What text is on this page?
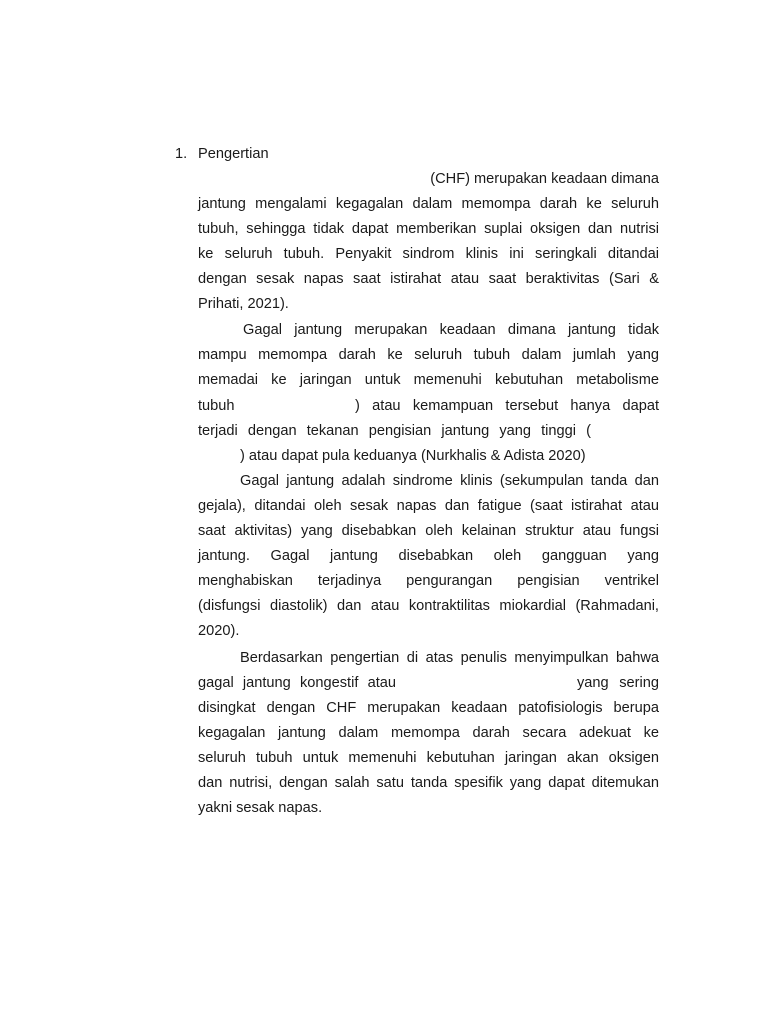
1. Pengertian
(CHF) merupakan keadaan dimana
jantung mengalami kegagalan dalam memompa darah ke seluruh
tubuh, sehingga tidak dapat memberikan suplai oksigen dan nutrisi
ke seluruh tubuh. Penyakit sindrom klinis ini seringkali ditandai
dengan sesak napas saat istirahat atau saat beraktivitas (Sari &
Prihati, 2021).
Gagal jantung merupakan keadaan dimana jantung tidak
mampu memompa darah ke seluruh tubuh dalam jumlah yang
memadai ke jaringan untuk memenuhi kebutuhan metabolisme
tubuh	) atau kemampuan tersebut hanya dapat
terjadi dengan tekanan pengisian jantung yang tinggi (
) atau dapat pula keduanya (Nurkhalis & Adista 2020)
Gagal jantung adalah sindrome klinis (sekumpulan tanda dan
gejala), ditandai oleh sesak napas dan fatigue (saat istirahat atau
saat aktivitas) yang disebabkan oleh kelainan struktur atau fungsi
jantung. Gagal jantung disebabkan oleh gangguan yang
menghabiskan terjadinya pengurangan pengisian ventrikel
(disfungsi diastolik) dan atau kontraktilitas miokardial (Rahmadani,
2020).
Berdasarkan pengertian di atas penulis menyimpulkan bahwa
gagal jantung kongestif atau	yang sering
disingkat dengan CHF merupakan keadaan patofisiologis berupa
kegagalan jantung dalam memompa darah secara adekuat ke
seluruh tubuh untuk memenuhi kebutuhan jaringan akan oksigen
dan nutrisi, dengan salah satu tanda spesifik yang dapat ditemukan
yakni sesak napas.
